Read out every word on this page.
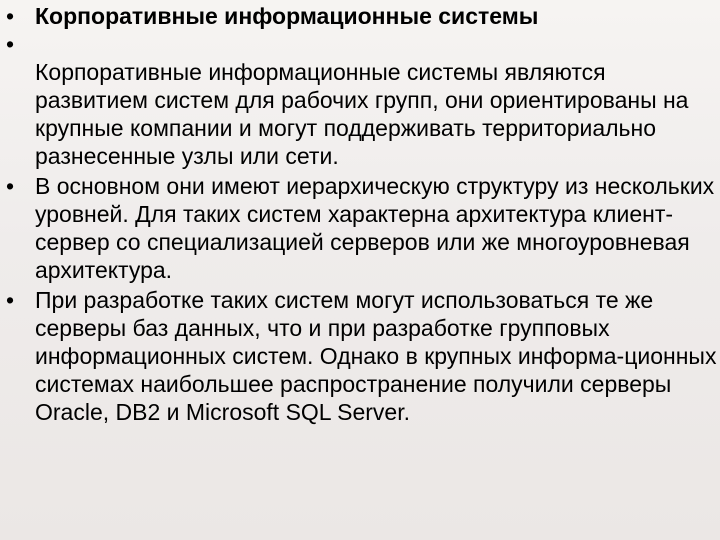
• Корпоративные информационные системы
•
Корпоративные информационные системы являются развитием систем для рабочих групп, они ориентированы на крупные компании и могут поддерживать территориально разнесенные узлы или сети.
• В основном они имеют иерархическую структуру из нескольких уровней. Для таких систем характерна архитектура клиент-сервер со специализацией серверов или же многоуровневая архитектура.
• При разработке таких систем могут использоваться те же серверы баз данных, что и при разработке групповых информационных систем. Однако в крупных информа-ционных системах наибольшее распространение получили серверы Oracle, DB2 и Microsoft SQL Server.
